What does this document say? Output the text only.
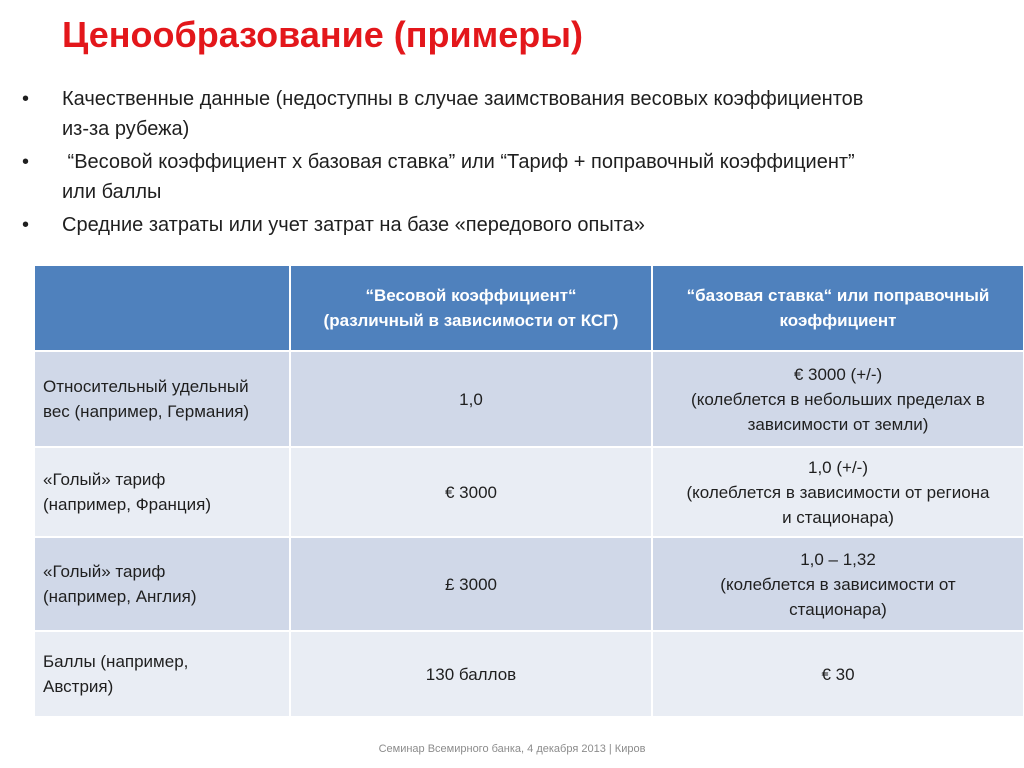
Ценообразование (примеры)
• Качественные данные (недоступны в случае заимствования весовых коэффициентов
из-за рубежа)
• “Весовой коэффициент х базовая ставка” или “Тариф + поправочный коэффициент”
или баллы
• Средние затраты или учет затрат на базе «передового опыта»

	“Весовой коэффициент“
(различный в зависимости от КСГ)	“базовая ставка“ или поправочный
коэффициент

Относительный удельный
вес (например, Германия)	1,0	€ 3000 (+/-)
(колеблется в небольших пределах в
зависимости от земли)

«Голый» тариф
(например, Франция)	€ 3000	1,0 (+/-)
(колеблется в зависимости от региона
и стационара)

«Голый» тариф
(например, Англия)	£ 3000	1,0 – 1,32
(колеблется в зависимости от
стационара)

Баллы (например,
Австрия)	130 баллов	€ 30
Семинар Всемирного банка, 4 декабря 2013 | Киров
